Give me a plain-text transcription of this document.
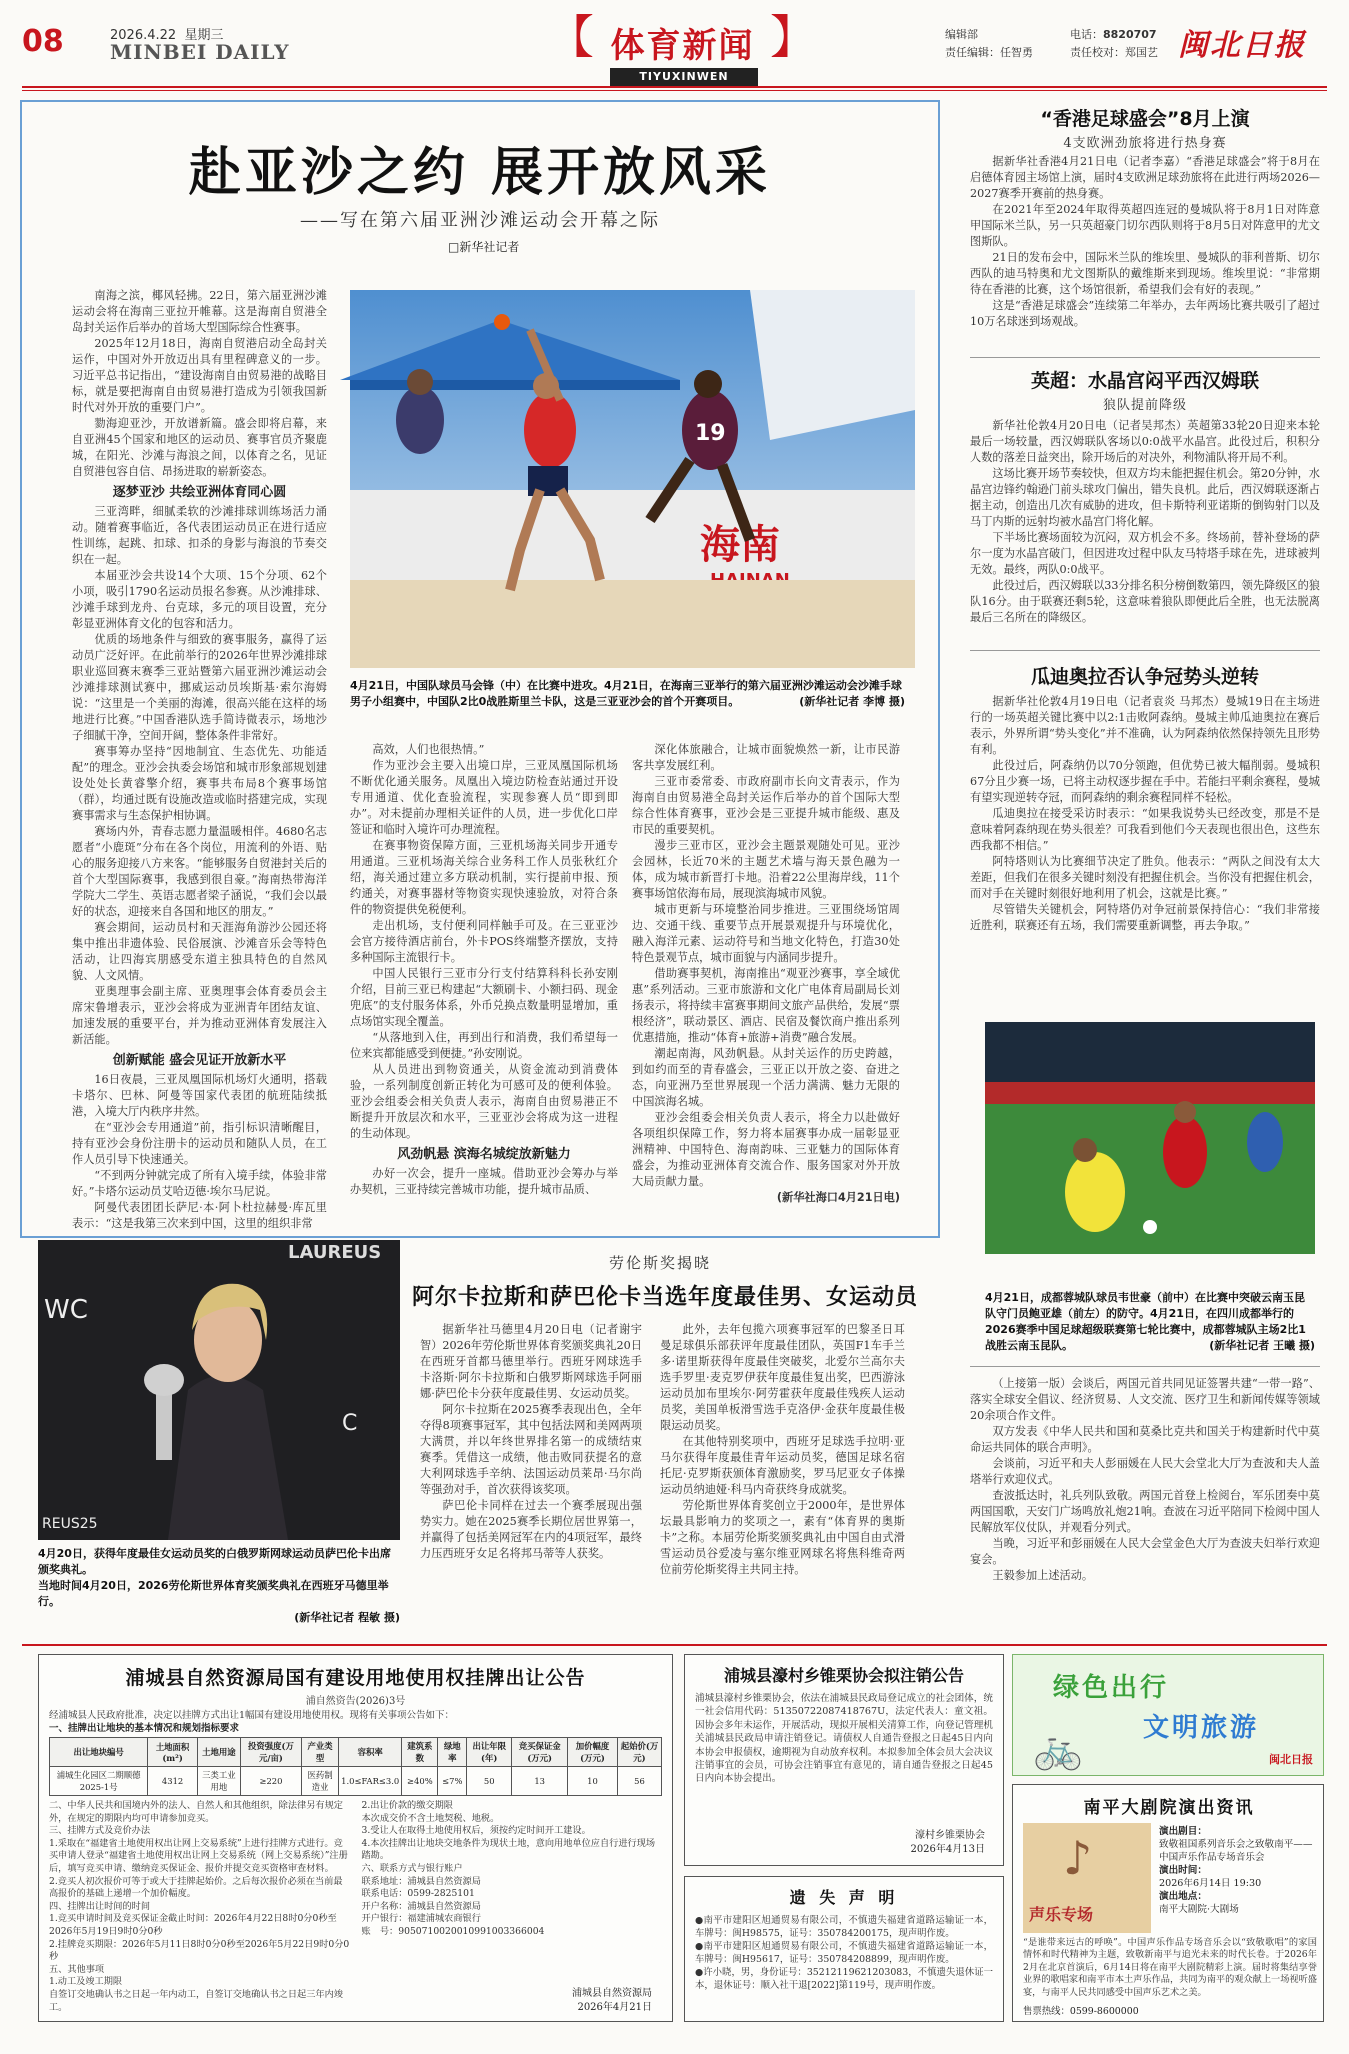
08	2026.4.22 星期三
MINBEI DAILY	【 体育新闻
TIYUXINWEN
】	编辑部	电话：8820707
责任编辑：任智勇	责任校对：郑国艺 闽北日报
赴亚沙之约 展开放风采
——写在第六届亚洲沙滩运动会开幕之际
□新华社记者

南海之滨，椰风轻拂。22日，第六届亚洲沙滩运动会将在海南三亚拉开帷幕。这是海南自贸港全岛封关运作后举办的首场大型国际综合性赛事。

2025年12月18日，海南自贸港启动全岛封关运作，中国对外开放迈出具有里程碑意义的一步。习近平总书记指出，“建设海南自由贸易港的战略目标，就是要把海南自由贸易港打造成为引领我国新时代对外开放的重要门户”。

勠海迎亚沙，开放谱新篇。盛会即将启幕，来自亚洲45个国家和地区的运动员、赛事官员齐聚鹿城，在阳光、沙滩与海浪之间，以体育之名，见证自贸港包容自信、昂扬进取的崭新姿态。

逐梦亚沙 共绘亚洲体育同心圆

三亚湾畔，细腻柔软的沙滩排球训练场活力涌动。随着赛事临近，各代表团运动员正在进行适应性训练，起跳、扣球、扣杀的身影与海浪的节奏交织在一起。

本届亚沙会共设14个大项、15个分项、62个小项，吸引1790名运动员报名参赛。从沙滩排球、沙滩手球到龙舟、台克球，多元的项目设置，充分彰显亚洲体育文化的包容和活力。

优质的场地条件与细致的赛事服务，赢得了运动员广泛好评。在此前举行的2026年世界沙滩排球职业巡回赛末赛季三亚站暨第六届亚洲沙滩运动会沙滩排球测试赛中，挪威运动员埃斯基·索尔海姆说：“这里是一个美丽的海滩，很高兴能在这样的场地进行比赛。”中国香港队选手简诗微表示，场地沙子细腻干净，空间开阔，整体条件非常好。

赛事筹办坚持“因地制宜、生态优先、功能适配”的理念。亚沙会执委会场馆和城市形象部规划建设处处长黄睿擎介绍，赛事共布局8个赛事场馆（群），均通过既有设施改造或临时搭建完成，实现赛事需求与生态保护相协调。

赛场内外，青春志愿力量温暖相伴。4680名志愿者“小鹿斑”分布在各个岗位，用流利的外语、贴心的服务迎接八方来客。“能够服务自贸港封关后的首个大型国际赛事，我感到很自豪。”海南热带海洋学院大二学生、英语志愿者梁子涵说，“我们会以最好的状态，迎接来自各国和地区的朋友。”

赛会期间，运动员村和天涯海角游沙公园还将集中推出非遗体验、民俗展演、沙滩音乐会等特色活动，让四海宾朋感受东道主独具特色的自然风貌、人文风情。

亚奥理事会副主席、亚奥理事会体育委员会主席宋鲁增表示，亚沙会将成为亚洲青年团结友谊、加速发展的重要平台，并为推动亚洲体育发展注入新活能。

创新赋能 盛会见证开放新水平

16日夜晨，三亚凤凰国际机场灯火通明，搭载卡塔尔、巴林、阿曼等国家代表团的航班陆续抵港，入境大厅内秩序井然。

在“亚沙会专用通道”前，指引标识清晰醒目，持有亚沙会身份注册卡的运动员和随队人员，在工作人员引导下快速通关。

“不到两分钟就完成了所有入境手续，体验非常好。”卡塔尔运动员艾哈迈德·埃尔马尼说。

阿曼代表团团长萨尼·本·阿卜杜拉赫曼·库瓦里表示：“这是我第三次来到中国，这里的组织非常

海南
19
4月21日，中国队球员马会锋（中）在比赛中进攻。4月21日，在海南三亚举行的第六届亚洲沙滩运动会沙滩手球男子小组赛中，中国队2比0战胜斯里兰卡队，这是三亚亚沙会的首个开赛项目。	(新华社记者 李博 摄)

高效，人们也很热情。”

作为亚沙会主要入出境口岸，三亚凤凰国际机场不断优化通关服务。凤凰出入境边防检查站通过开设专用通道、优化查验流程，实现参赛人员“即到即办”。对未提前办理相关证件的人员，进一步优化口岸签证和临时入境许可办理流程。

在赛事物资保障方面，三亚机场海关同步开通专用通道。三亚机场海关综合业务科工作人员张秋红介绍，海关通过建立多方联动机制，实行提前申报、预约通关，对赛事器材等物资实现快速验放，对符合条件的物资提供免税便利。

走出机场，支付便利同样触手可及。在三亚亚沙会官方接待酒店前台，外卡POS终端整齐摆放，支持多种国际主流银行卡。

中国人民银行三亚市分行支付结算科科长孙安刚介绍，目前三亚已构建起“大额刷卡、小额扫码、现金兜底”的支付服务体系，外币兑换点数量明显增加，重点场馆实现全覆盖。

“从落地到入住，再到出行和消费，我们希望每一位来宾都能感受到便捷。”孙安刚说。

从人员进出到物资通关，从资金流动到消费体验，一系列制度创新正转化为可感可及的便利体验。亚沙会组委会相关负责人表示，海南自由贸易港正不断提升开放层次和水平，三亚亚沙会将成为这一进程的生动体现。

风劲帆悬 滨海名城绽放新魅力

办好一次会，提升一座城。借助亚沙会筹办与举办契机，三亚持续完善城市功能，提升城市品质、

深化体旅融合，让城市面貌焕然一新，让市民游客共享发展红利。

三亚市委常委、市政府副市长向文青表示，作为海南自由贸易港全岛封关运作后举办的首个国际大型综合性体育赛事，亚沙会是三亚提升城市能级、惠及市民的重要契机。

漫步三亚市区，亚沙会主题景观随处可见。亚沙会园林，长近70米的主题艺术墙与海天景色融为一体，成为城市新晋打卡地。沿着22公里海岸线，11个赛事场馆依海布局，展现滨海城市风貌。

城市更新与环境整治同步推进。三亚围绕场馆周边、交通干线、重要节点开展景观提升与环境优化，融入海洋元素、运动符号和当地文化特色，打造30处特色景观节点，城市面貌与内涵同步提升。

借助赛事契机，海南推出“观亚沙赛事，享全域优惠”系列活动。三亚市旅游和文化广电体育局副局长刘扬表示，将持续丰富赛事期间文旅产品供给，发展“票根经济”，联动景区、酒店、民宿及餐饮商户推出系列优惠措施，推动“体育+旅游+消费”融合发展。

潮起南海，风劲帆悬。从封关运作的历史跨越，到如约而至的青春盛会，三亚正以开放之姿、奋进之态，向亚洲乃至世界展现一个活力满满、魅力无限的中国滨海名城。

亚沙会组委会相关负责人表示，将全力以赴做好各项组织保障工作，努力将本届赛事办成一届彰显亚洲精神、中国特色、海南韵味、三亚魅力的国际体育盛会，为推动亚洲体育交流合作、服务国家对外开放大局贡献力量。

(新华社海口4月21日电)
“香港足球盛会”8月上演
4支欧洲劲旅将进行热身赛

据新华社香港4月21日电（记者李嘉）“香港足球盛会”将于8月在启德体育园主场馆上演，届时4支欧洲足球劲旅将在此进行两场2026—2027赛季开赛前的热身赛。

在2021年至2024年取得英超四连冠的曼城队将于8月1日对阵意甲国际米兰队，另一只英超豪门切尔西队则将于8月5日对阵意甲的尤文图斯队。

21日的发布会中，国际米兰队的维埃里、曼城队的菲利普斯、切尔西队的迪马特奥和尤文图斯队的戴维斯来到现场。维埃里说：“非常期待在香港的比赛，这个场馆很新，希望我们会有好的表现。”

这是“香港足球盛会”连续第二年举办，去年两场比赛共吸引了超过10万名球迷到场观战。

英超：水晶宫闷平西汉姆联
狼队提前降级

新华社伦敦4月20日电（记者吴邦杰）英超第33轮20日迎来本轮最后一场较量，西汉姆联队客场以0:0战平水晶宫。此役过后，积积分人数的落差日益突出，除开场后的对决外，利物浦队将开局不利。

这场比赛开场节奏较快，但双方均未能把握住机会。第20分钟，水晶宫边锋约翰逊门前头球攻门偏出，错失良机。此后，西汉姆联逐渐占据主动，创造出几次有威胁的进攻，但卡斯特利亚诺斯的倒钩射门以及马丁内斯的远射均被水晶宫门将化解。

下半场比赛场面较为沉闷，双方机会不多。终场前，替补登场的萨尔一度为水晶宫破门，但因进攻过程中队友马特塔手球在先，进球被判无效。最终，两队0:0战平。

此役过后，西汉姆联以33分排名积分榜倒数第四，领先降级区的狼队16分。由于联赛还剩5轮，这意味着狼队即便此后全胜，也无法脱离最后三名所在的降级区。

瓜迪奥拉否认争冠势头逆转

据新华社伦敦4月19日电（记者袁炎 马邦杰）曼城19日在主场进行的一场英超关键比赛中以2:1击败阿森纳。曼城主帅瓜迪奥拉在赛后表示，外界所谓“势头变化”并不准确，认为阿森纳依然保持领先且形势有利。

此役过后，阿森纳仍以70分领跑，但优势已被大幅削弱。曼城积67分且少赛一场，已将主动权逐步握在手中。若能扫平剩余赛程，曼城有望实现逆转夺冠，而阿森纳的剩余赛程同样不轻松。

瓜迪奥拉在接受采访时表示：“如果我说势头已经改变，那是不是意味着阿森纳现在势头很差？可我看到他们今天表现也很出色，这些东西我都不相信。”

阿特塔则认为比赛细节决定了胜负。他表示：“两队之间没有太大差距，但我们在很多关键时刻没有把握住机会。当你没有把握住机会，而对手在关键时刻很好地利用了机会，这就是比赛。”

尽管错失关键机会，阿特塔仍对争冠前景保持信心：“我们非常接近胜利，联赛还有五场，我们需要重新调整，再去争取。”

4月21日，成都蓉城队球员韦世豪（前中）在比赛中突破云南玉昆队守门员鲍亚雄（前左）的防守。4月21日，在四川成都举行的2026赛季中国足球超级联赛第七轮比赛中，成都蓉城队主场2比1战胜云南玉昆队。	(新华社记者 王曦 摄)

（上接第一版）会谈后，两国元首共同见证签署共建“一带一路”、落实全球安全倡议、经济贸易、人文交流、医疗卫生和新闻传媒等领域20余项合作文件。

双方发表《中华人民共和国和莫桑比克共和国关于构建新时代中莫命运共同体的联合声明》。

会谈前，习近平和夫人彭丽媛在人民大会堂北大厅为查波和夫人盖塔举行欢迎仪式。

查波抵达时，礼兵列队致敬。两国元首登上检阅台，军乐团奏中莫两国国歌，天安门广场鸣放礼炮21响。查波在习近平陪同下检阅中国人民解放军仪仗队，并观看分列式。

当晚，习近平和彭丽媛在人民大会堂金色大厅为查波夫妇举行欢迎宴会。

王毅参加上述活动。

LAUREUS
WC
C
REUS25
4月20日，获得年度最佳女运动员奖的白俄罗斯网球运动员萨巴伦卡出席颁奖典礼。
当地时间4月20日，2026劳伦斯世界体育奖颁奖典礼在西班牙马德里举行。
(新华社记者 程敏 摄)
劳伦斯奖揭晓
阿尔卡拉斯和萨巴伦卡当选年度最佳男、女运动员

据新华社马德里4月20日电（记者谢宇智）2026年劳伦斯世界体育奖颁奖典礼20日在西班牙首都马德里举行。西班牙网球选手卡洛斯·阿尔卡拉斯和白俄罗斯网球选手阿丽娜·萨巴伦卡分获年度最佳男、女运动员奖。

阿尔卡拉斯在2025赛季表现出色，全年夺得8项赛事冠军，其中包括法网和美网两项大满贯，并以年终世界排名第一的成绩结束赛季。凭借这一成绩，他击败同获提名的意大利网球选手辛纳、法国运动员莱昂·马尔尚等强劲对手，首次获得该奖项。

萨巴伦卡同样在过去一个赛季展现出强势实力。她在2025赛季长期位居世界第一，并赢得了包括美网冠军在内的4项冠军，最终力压西班牙女足名将邦马蒂等人获奖。

此外，去年包揽六项赛事冠军的巴黎圣日耳曼足球俱乐部获评年度最佳团队，英国F1车手兰多·诺里斯获得年度最佳突破奖，北爱尔兰高尔夫选手罗里·麦克罗伊获年度最佳复出奖，巴西游泳运动员加布里埃尔·阿劳霍获年度最佳残疾人运动员奖，美国单板滑雪选手克洛伊·金获年度最佳极限运动员奖。

在其他特别奖项中，西班牙足球选手拉明·亚马尔获得年度最佳青年运动员奖，德国足球名宿托尼·克罗斯获颁体育激励奖，罗马尼亚女子体操运动员纳迪娅·科马内奇获终身成就奖。

劳伦斯世界体育奖创立于2000年，是世界体坛最具影响力的奖项之一，素有“体育界的奥斯卡”之称。本届劳伦斯奖颁奖典礼由中国自由式滑雪运动员谷爱凌与塞尔维亚网球名将焦科维奇两位前劳伦斯奖得主共同主持。

浦城县自然资源局国有建设用地使用权挂牌出让公告
浦自然资告(2026)3号
经浦城县人民政府批准，决定以挂牌方式出让1幅国有建设用地使用权。现将有关事项公告如下：
一、挂牌出让地块的基本情况和规划指标要求
出让地块编号	土地面积(m²)	土地用途	投资强度(万元/亩)	产业类型	容积率	建筑系数	绿地率	出让年限(年)	竞买保证金(万元)	加价幅度(万元)	起始价(万元)
浦城生化园区二期顺德2025-1号	4312	三类工业用地	≥220	医药制造业	1.0≤FAR≤3.0	≥40%	≤7%	50	13	10	56

二、中华人民共和国境内外的法人、自然人和其他组织，除法律另有规定外，在规定的期限内均可申请参加竞买。

三、挂牌方式及竞价办法

1.采取在“福建省土地使用权出让网上交易系统”上进行挂牌方式进行。竞买申请人登录“福建省土地使用权出让网上交易系统（网上交易系统）”注册后，填写竞买申请、缴纳竞买保证金、报价并提交竞买资格审查材料。

2.竞买人初次报价可等于或大于挂牌起始价。之后每次报价必须在当前最高报价的基础上递增一个加价幅度。

四、挂牌出让时间的时间

1.竞买申请时间及竞买保证金截止时间：2026年4月22日8时0分0秒至2026年5月19日9时0分0秒

2.挂牌竞买期限：2026年5月11日8时0分0秒至2026年5月22日9时0分0秒

五、其他事项

1.动工及竣工期限

自签订交地确认书之日起一年内动工，自签订交地确认书之日起三年内竣工。

2.出让价款的缴交期限

本次成交价不含土地契税、地税。

3.受让人在取得土地使用权后，须按约定时间开工建设。

4.本次挂牌出让地块交地条件为现状土地，意向用地单位应自行进行现场踏勘。

六、联系方式与银行账户

联系地址：浦城县自然资源局

联系电话：0599-2825101

开户名称：浦城县自然资源局

开户银行：福建浦城农商银行

账　号：9050710020010991003366004

浦城县自然资源局
2026年4月21日
浦城县濠村乡锥栗协会拟注销公告

浦城县濠村乡锥栗协会，依法在浦城县民政局登记成立的社会团体，统一社会信用代码：51350722087418767U，法定代表人：童文祖。因协会多年未运作，开展活动，现拟开展相关清算工作，向登记管理机关浦城县民政局申请注销登记。请债权人自通告登报之日起45日内向本协会申报债权，逾期视为自动放弃权利。本拟参加全体会员大会决议注销事宜的会员，可协会注销事宜有意见的，请自通告登报之日起45日内向本协会提出。

濠村乡锥栗协会
2026年4月13日
遗 失 声 明

●南平市建阳区旭通贸易有限公司，不慎遗失福建省道路运输证一本，车牌号：闽H98575，证号：350784200175，现声明作废。

●南平市建阳区旭通贸易有限公司，不慎遗失福建省道路运输证一本，车牌号：闽H95617，证号：350784208899，现声明作废。

●许小晓，男，身份证号：35212119621203083，不慎遗失退休证一本，退休证号：顺入社干退[2022]第119号，现声明作废。

绿色出行
文明旅游
🚲	闽北日报
南平大剧院演出资讯
声乐专场
♪	演出剧目：
致敬祖国系列音乐会之致敬南平——中国声乐作品专场音乐会
演出时间：
2026年6月14日 19:30
演出地点：
南平大剧院·大剧场

“是谁带来远古的呼唤”。中国声乐作品专场音乐会以“致敬歌唱”的家国情怀和时代精神为主题，致敬新南平与追光未来的时代长卷。于2026年2月在北京首演后，6月14日将在南平大剧院精彩上演。届时将集结享誉业界的歌唱家和南平市本土声乐作品，共同为南平的观众献上一场视听盛宴，与南平人民共同感受中国声乐艺术之美。

售票热线：0599-8600000
